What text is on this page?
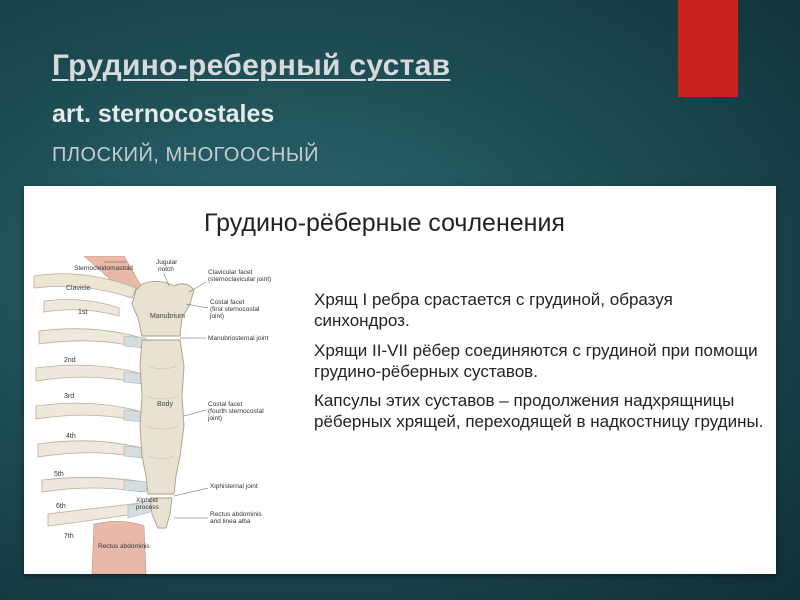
Грудино-реберный сустав
art. sternocostales
ПЛОСКИЙ, МНОГООСНЫЙ
Грудино-рёберные сочленения

Хрящ I ребра срастается с грудиной, образуя синхондроз.

Хрящи II-VII рёбер соединяются с грудиной при помощи грудино-рёберных суставов.

Капсулы этих суставов – продолжения надхрящницы рёберных хрящей, переходящей в надкостницу грудины.

Sternocleidomastoid
Clavicle
Jugular
notch	Clavicular facet
(sternoclavicular joint)
Costal facet
(first sternocostal
joint)
Manubrium
Manubriosternal joint
Body	Costal facet
(fourth sternocostal
joint)
Xiphisternal joint
Xiphoid
process
Rectus abdominis
and linea alba
Rectus abdominis
1st
2nd
3rd
4th
5th
6th
7th
